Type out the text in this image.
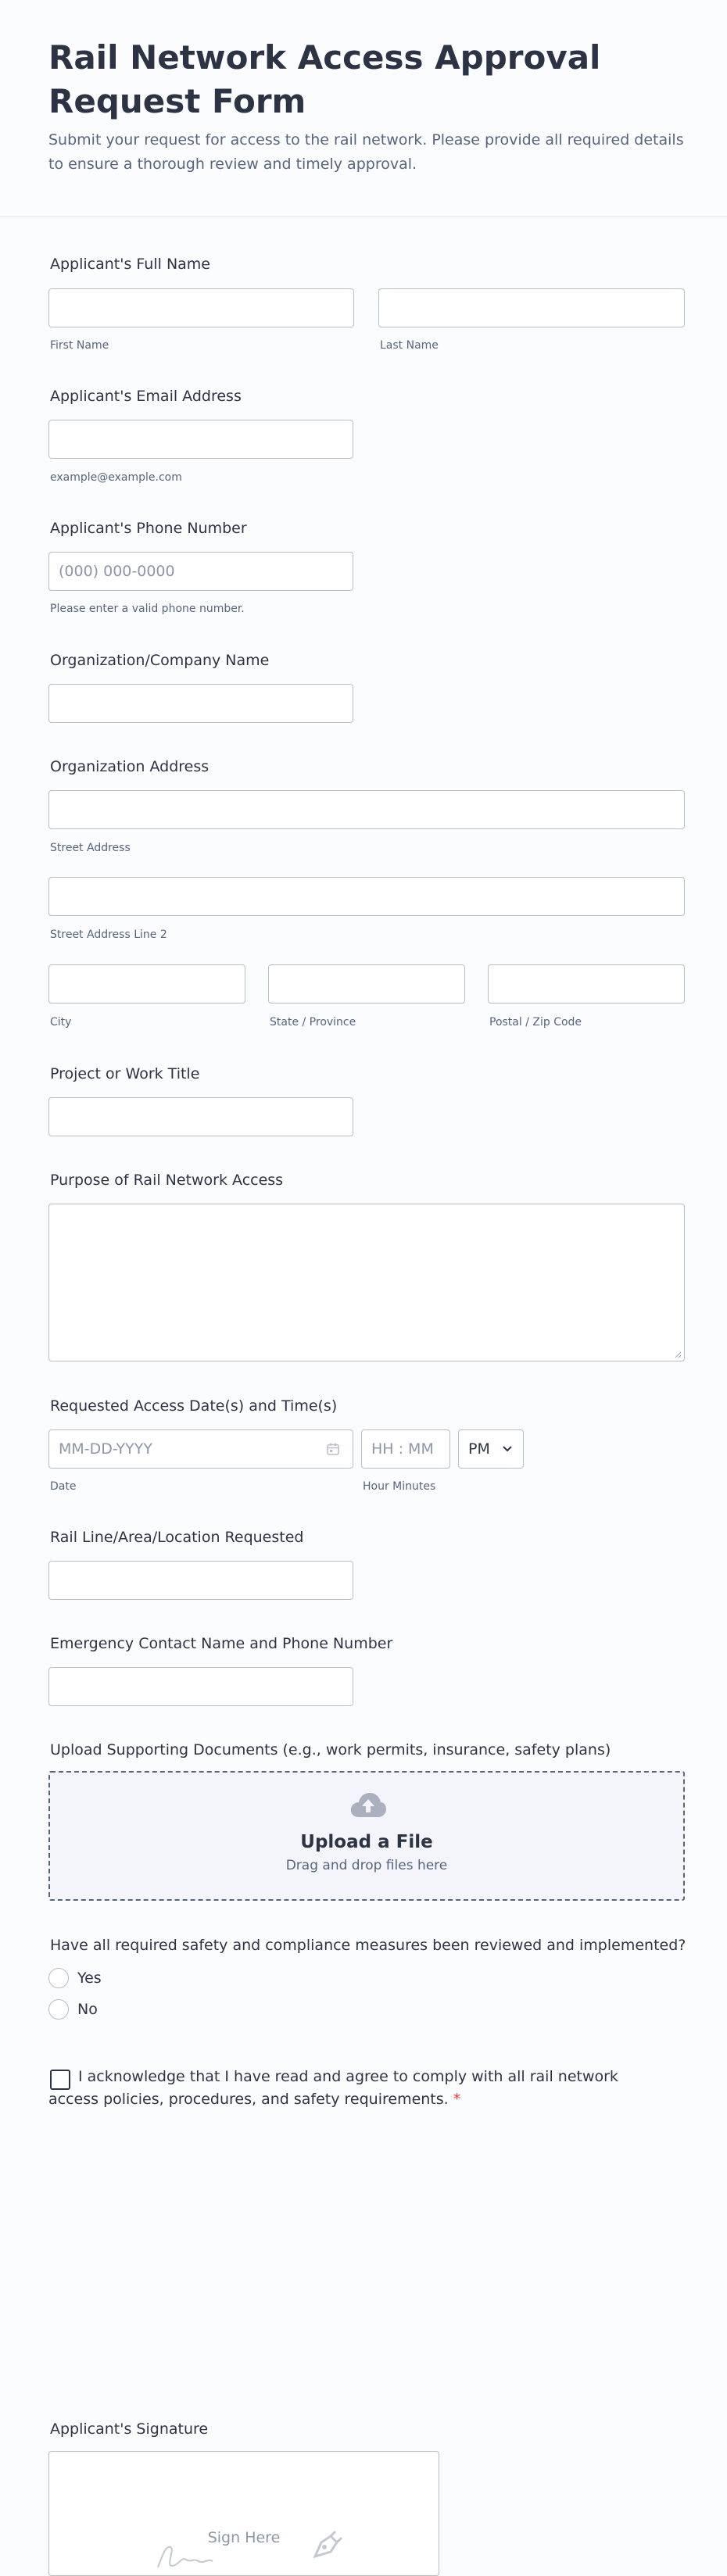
Rail Network Access Approval Request Form

Submit your request for access to the rail network. Please provide all required details to ensure a thorough review and timely approval.

Applicant's Full Name
First Name	Last Name
Applicant's Email Address
example@example.com
Applicant's Phone Number
(000) 000-0000
Please enter a valid phone number.
Organization/Company Name
Organization Address
Street Address
Street Address Line 2
City	State / Province	Postal / Zip Code
Project or Work Title
Purpose of Rail Network Access
Requested Access Date(s) and Time(s)
MM-DD-YYYY	HH : MM PM
Date	Hour Minutes
Rail Line/Area/Location Requested
Emergency Contact Name and Phone Number
Upload Supporting Documents (e.g., work permits, insurance, safety plans)
Upload a File
Drag and drop files here
Have all required safety and compliance measures been reviewed and implemented?
Yes
No
I acknowledge that I have read and agree to comply with all rail network access policies, procedures, and safety requirements. *
Applicant's Signature
Sign Here
